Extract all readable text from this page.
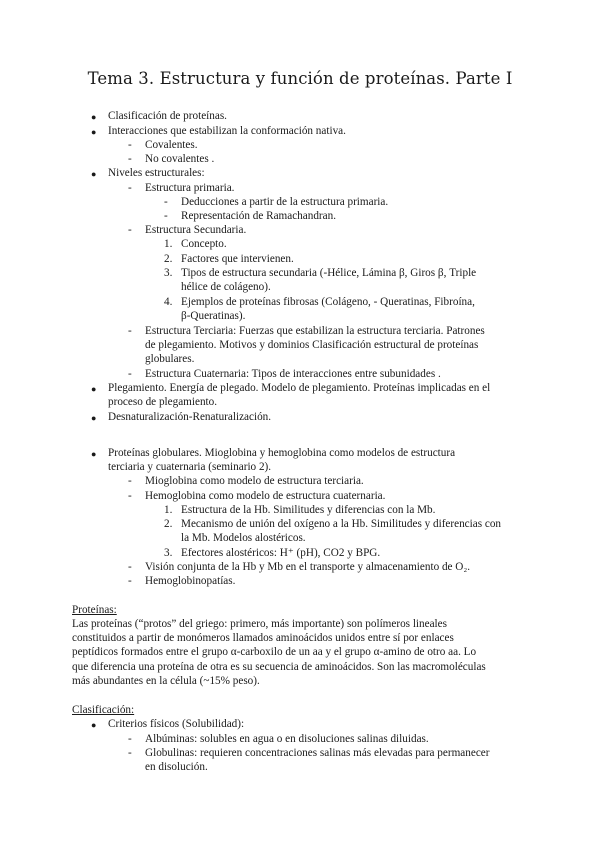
Tema 3. Estructura y función de proteínas. Parte I
● Clasificación de proteínas.
● Interacciones que estabilizan la conformación nativa.
- Covalentes.
- No covalentes .
● Niveles estructurales:
- Estructura primaria.
- Deducciones a partir de la estructura primaria.
- Representación de Ramachandran.
- Estructura Secundaria.
1. Concepto.
2. Factores que intervienen.
3. Tipos de estructura secundaria (-Hélice, Lámina β, Giros β, Triple
hélice de colágeno).
4. Ejemplos de proteínas fibrosas (Colágeno, - Queratinas, Fibroína,
β-Queratinas).
- Estructura Terciaria: Fuerzas que estabilizan la estructura terciaria. Patrones
de plegamiento. Motivos y dominios Clasificación estructural de proteínas
globulares.
- Estructura Cuaternaria: Tipos de interacciones entre subunidades .
● Plegamiento. Energía de plegado. Modelo de plegamiento. Proteínas implicadas en el
proceso de plegamiento.
● Desnaturalización-Renaturalización.
● Proteínas globulares. Mioglobina y hemoglobina como modelos de estructura
terciaria y cuaternaria (seminario 2).
- Mioglobina como modelo de estructura terciaria.
- Hemoglobina como modelo de estructura cuaternaria.
1. Estructura de la Hb. Similitudes y diferencias con la Mb.
2. Mecanismo de unión del oxígeno a la Hb. Similitudes y diferencias con
la Mb. Modelos alostéricos.
3. Efectores alostéricos: H⁺ (pH), CO2 y BPG.
- Visión conjunta de la Hb y Mb en el transporte y almacenamiento de O₂.
- Hemoglobinopatías.
Proteínas:
Las proteínas (“protos” del griego: primero, más importante) son polímeros lineales
constituidos a partir de monómeros llamados aminoácidos unidos entre sí por enlaces
peptídicos formados entre el grupo α-carboxilo de un aa y el grupo α-amino de otro aa. Lo
que diferencia una proteína de otra es su secuencia de aminoácidos. Son las macromoléculas
más abundantes en la célula (~15% peso).
Clasificación:
● Criterios físicos (Solubilidad):
- Albúminas: solubles en agua o en disoluciones salinas diluidas.
- Globulinas: requieren concentraciones salinas más elevadas para permanecer
en disolución.
